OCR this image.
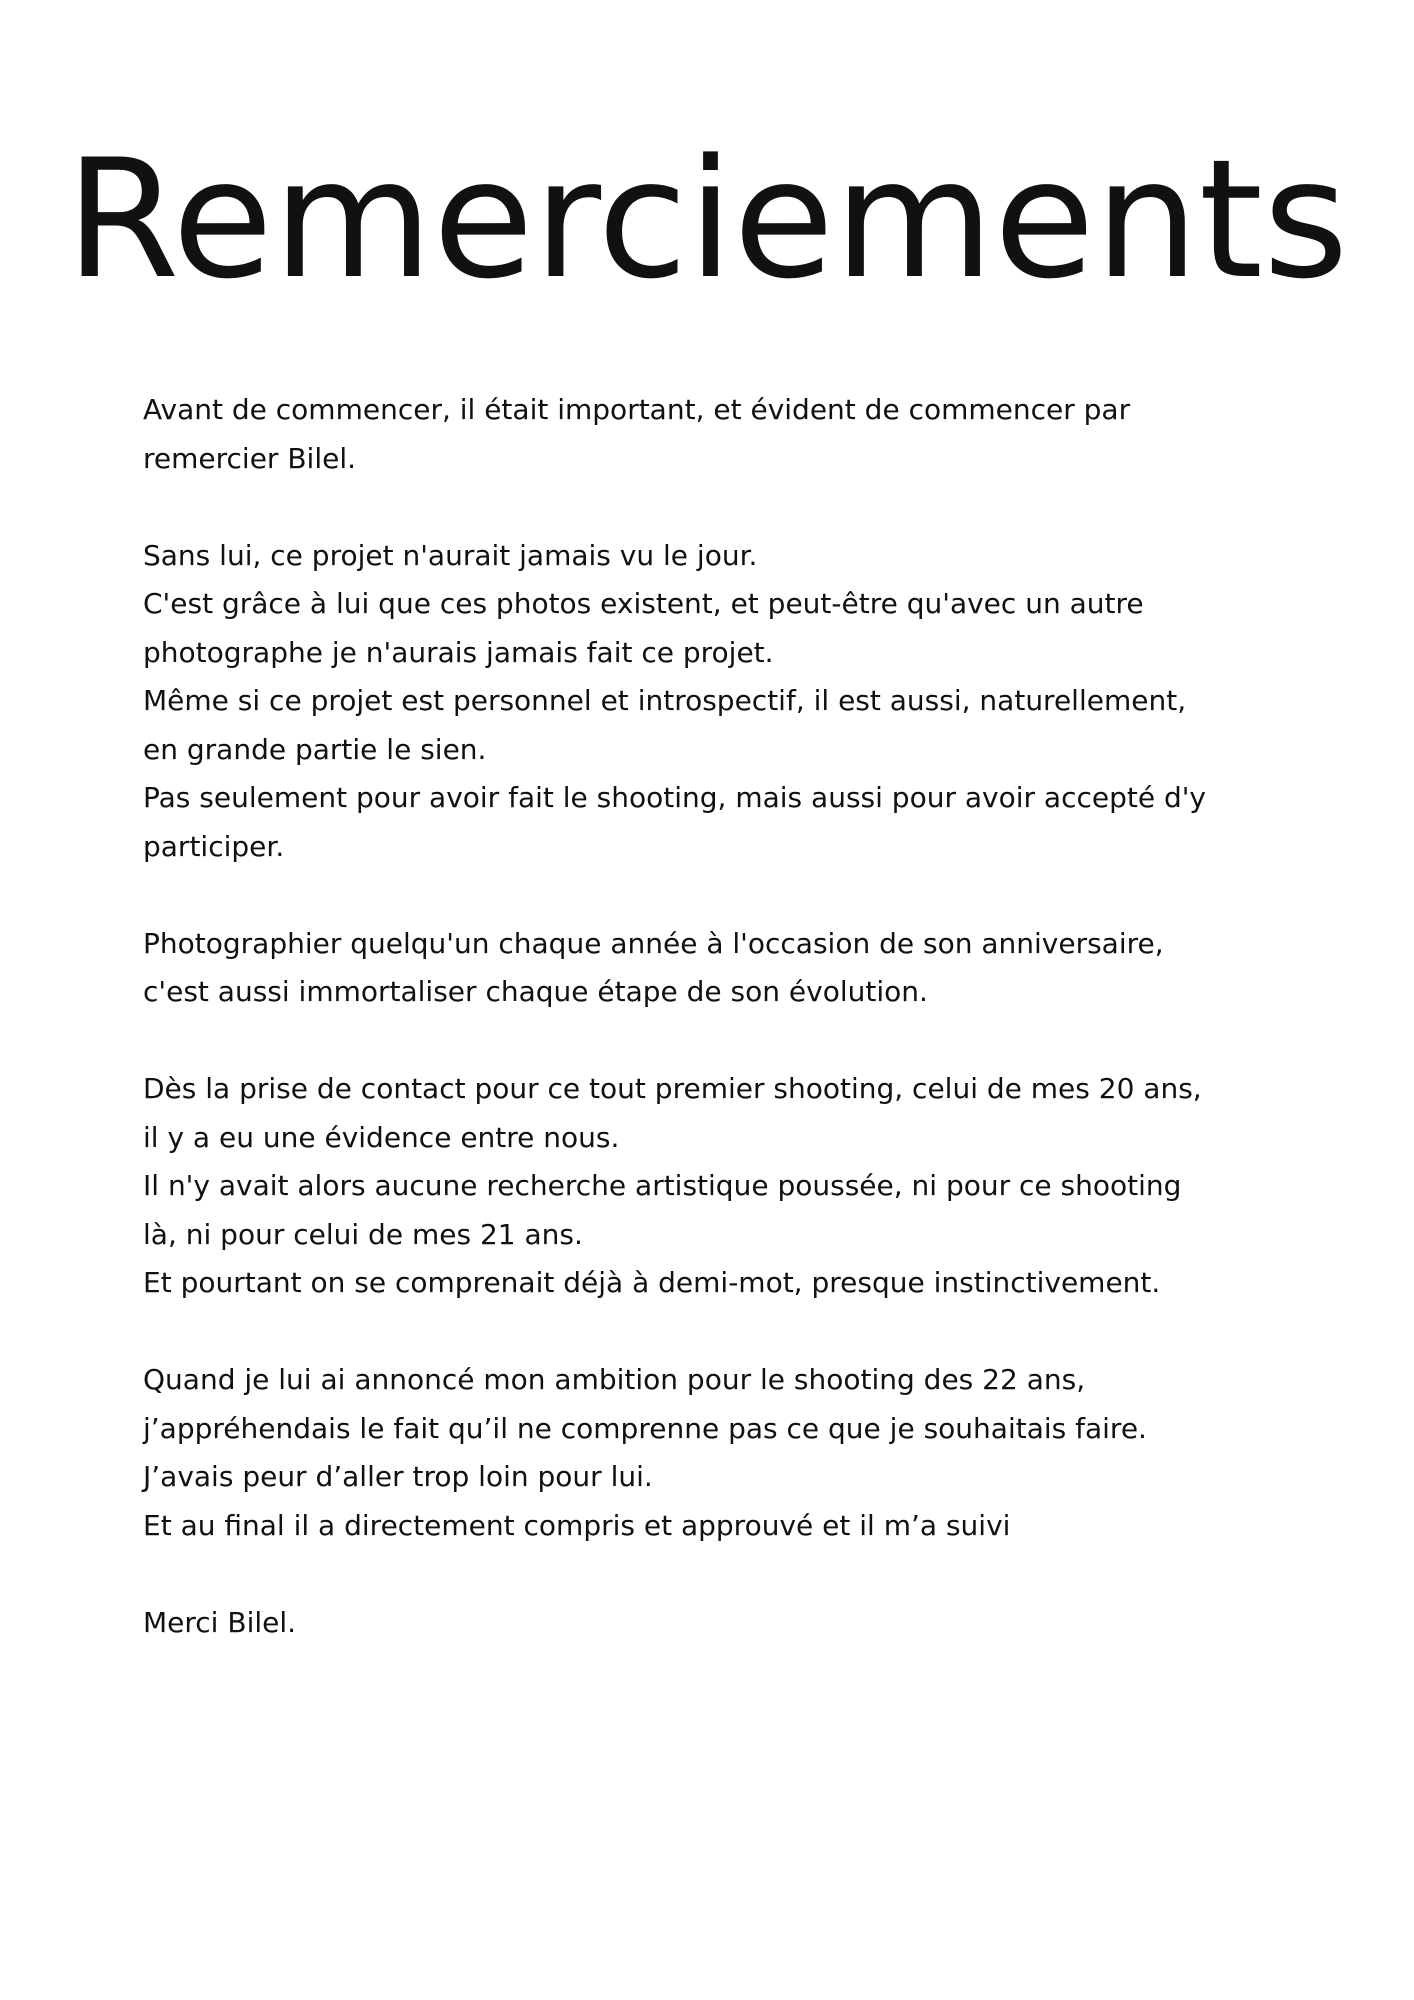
Remerciements

Avant de commencer, il était important, et évident de commencer par
remercier Bilel.

Sans lui, ce projet n'aurait jamais vu le jour.
C'est grâce à lui que ces photos existent, et peut-être qu'avec un autre
photographe je n'aurais jamais fait ce projet.
Même si ce projet est personnel et introspectif, il est aussi, naturellement,
en grande partie le sien.
Pas seulement pour avoir fait le shooting, mais aussi pour avoir accepté d'y
participer.

Photographier quelqu'un chaque année à l'occasion de son anniversaire,
c'est aussi immortaliser chaque étape de son évolution.

Dès la prise de contact pour ce tout premier shooting, celui de mes 20 ans,
il y a eu une évidence entre nous.
Il n'y avait alors aucune recherche artistique poussée, ni pour ce shooting
là, ni pour celui de mes 21 ans.
Et pourtant on se comprenait déjà à demi-mot, presque instinctivement.

Quand je lui ai annoncé mon ambition pour le shooting des 22 ans,
j’appréhendais le fait qu’il ne comprenne pas ce que je souhaitais faire.
J’avais peur d’aller trop loin pour lui.
Et au final il a directement compris et approuvé et il m’a suivi

Merci Bilel.
